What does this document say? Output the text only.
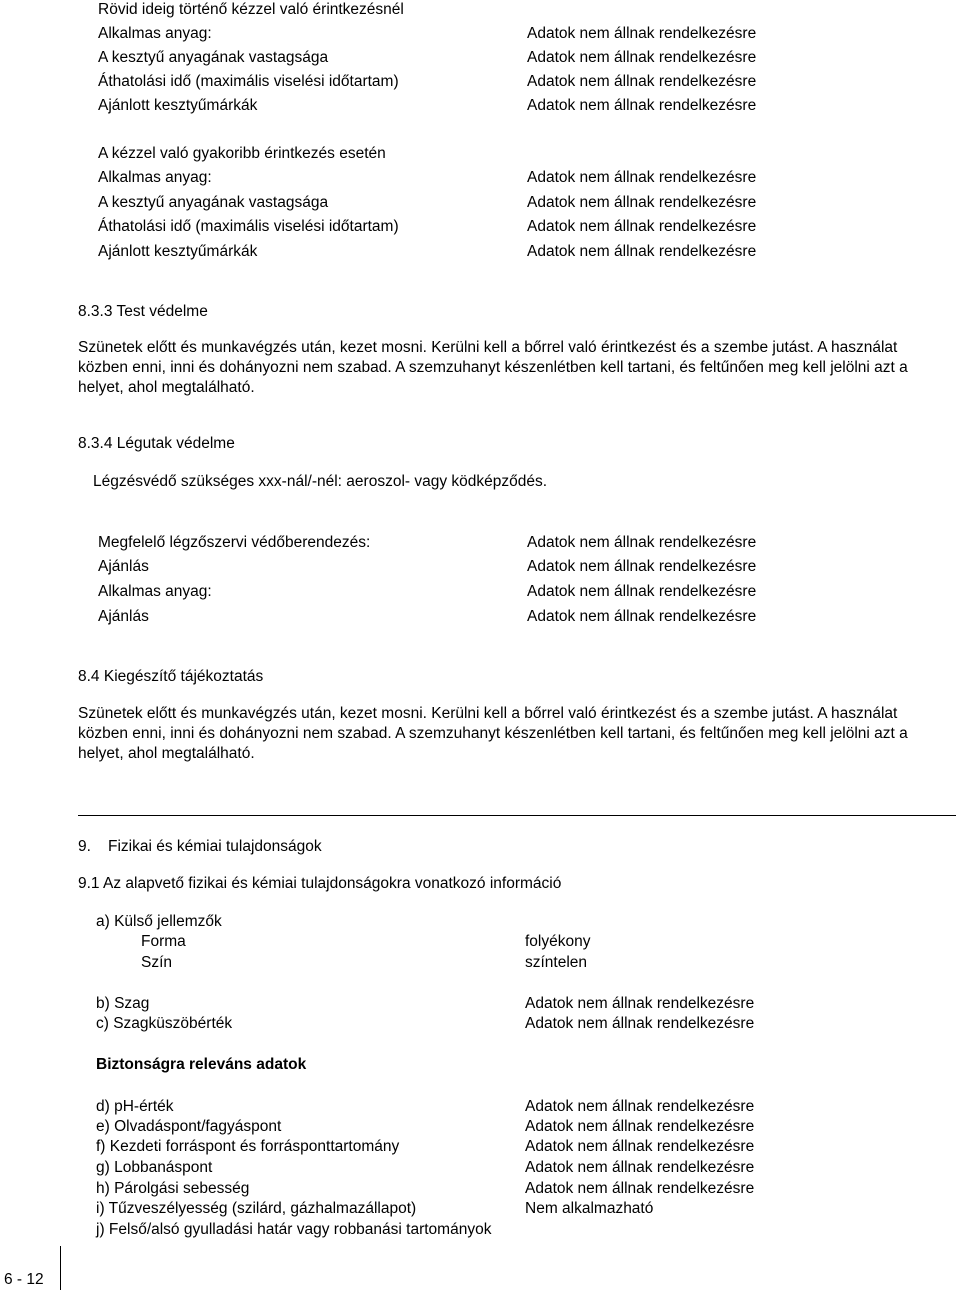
Rövid ideig történő kézzel való érintkezésnél
Alkalmas anyag:	Adatok nem állnak rendelkezésre
A kesztyű anyagának vastagsága	Adatok nem állnak rendelkezésre
Áthatolási idő (maximális viselési időtartam)	Adatok nem állnak rendelkezésre
Ajánlott kesztyűmárkák	Adatok nem állnak rendelkezésre
A kézzel való gyakoribb érintkezés esetén
Alkalmas anyag:	Adatok nem állnak rendelkezésre
A kesztyű anyagának vastagsága	Adatok nem állnak rendelkezésre
Áthatolási idő (maximális viselési időtartam)	Adatok nem állnak rendelkezésre
Ajánlott kesztyűmárkák	Adatok nem állnak rendelkezésre
8.3.3 Test védelme
Szünetek előtt és munkavégzés után, kezet mosni. Kerülni kell a bőrrel való érintkezést és a szembe jutást. A használat közben enni, inni és dohányozni nem szabad. A szemzuhanyt készenlétben kell tartani, és feltűnően meg kell jelölni azt a helyet, ahol megtalálható.
8.3.4 Légutak védelme
Légzésvédő szükséges xxx-nál/-nél: aeroszol- vagy ködképződés.
Megfelelő légzőszervi védőberendezés:	Adatok nem állnak rendelkezésre
Ajánlás	Adatok nem állnak rendelkezésre
Alkalmas anyag:	Adatok nem állnak rendelkezésre
Ajánlás	Adatok nem állnak rendelkezésre
8.4 Kiegészítő tájékoztatás
Szünetek előtt és munkavégzés után, kezet mosni. Kerülni kell a bőrrel való érintkezést és a szembe jutást. A használat közben enni, inni és dohányozni nem szabad. A szemzuhanyt készenlétben kell tartani, és feltűnően meg kell jelölni azt a helyet, ahol megtalálható.
9. Fizikai és kémiai tulajdonságok
9.1 Az alapvető fizikai és kémiai tulajdonságokra vonatkozó információ
a) Külső jellemzők
Forma	folyékony
Szín	színtelen
b) Szag	Adatok nem állnak rendelkezésre
c) Szagküszöbérték	Adatok nem állnak rendelkezésre
Biztonságra releváns adatok
d) pH-érték	Adatok nem állnak rendelkezésre
e) Olvadáspont/fagyáspont	Adatok nem állnak rendelkezésre
f) Kezdeti forráspont és forrásponttartomány	Adatok nem állnak rendelkezésre
g) Lobbanáspont	Adatok nem állnak rendelkezésre
h) Párolgási sebesség	Adatok nem állnak rendelkezésre
i) Tűzveszélyesség (szilárd, gázhalmazállapot)	Nem alkalmazható
j) Felső/alsó gyulladási határ vagy robbanási tartományok
6 - 12
